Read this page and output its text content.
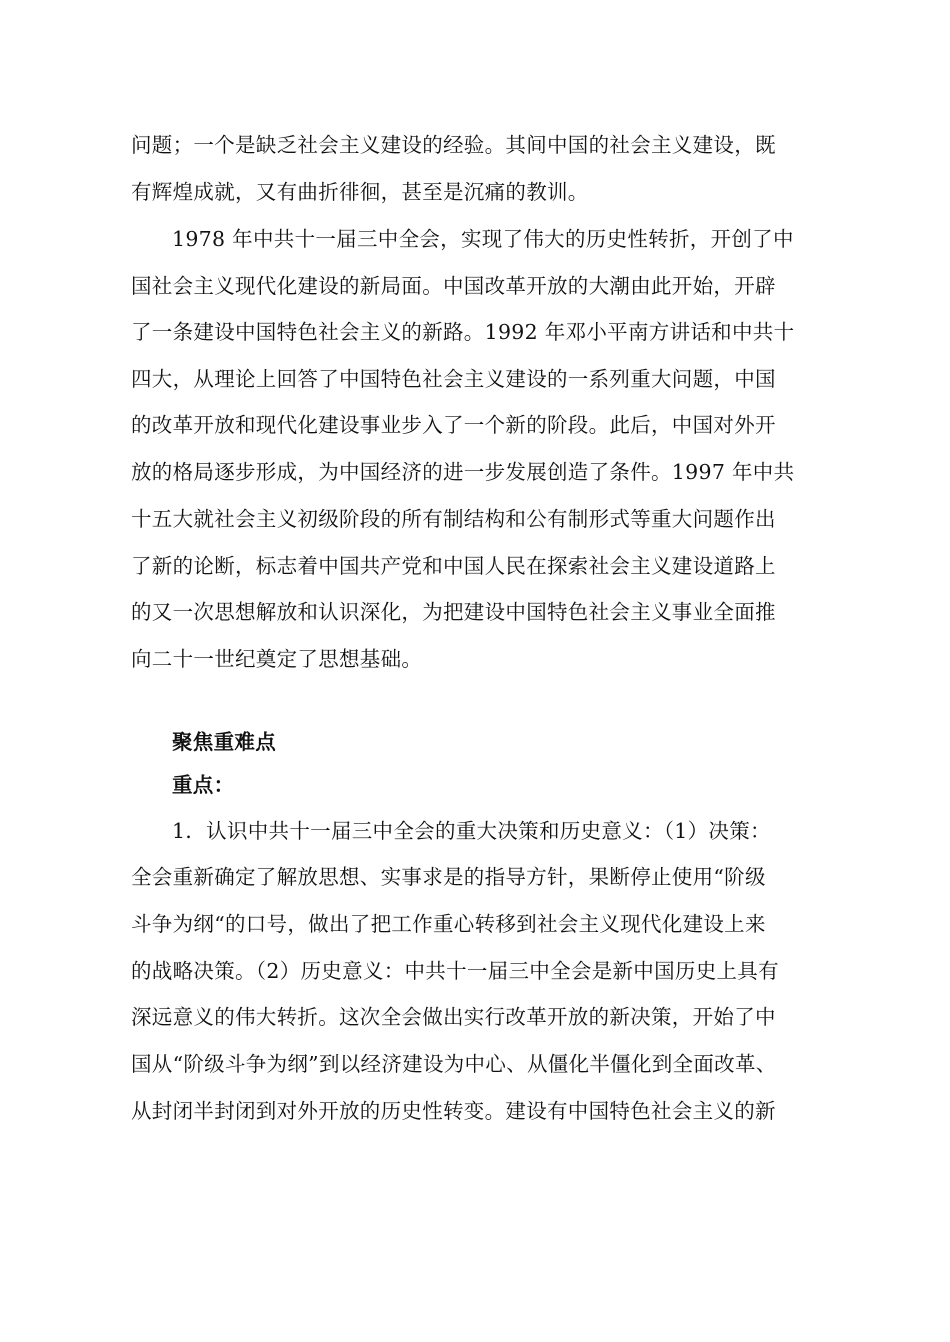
问题；一个是缺乏社会主义建设的经验。其间中国的社会主义建设，既
有辉煌成就，又有曲折徘徊，甚至是沉痛的教训。
1978 年中共十一届三中全会，实现了伟大的历史性转折，开创了中
国社会主义现代化建设的新局面。中国改革开放的大潮由此开始，开辟
了一条建设中国特色社会主义的新路。1992 年邓小平南方讲话和中共十
四大，从理论上回答了中国特色社会主义建设的一系列重大问题，中国
的改革开放和现代化建设事业步入了一个新的阶段。此后，中国对外开
放的格局逐步形成，为中国经济的进一步发展创造了条件。1997 年中共
十五大就社会主义初级阶段的所有制结构和公有制形式等重大问题作出
了新的论断，标志着中国共产党和中国人民在探索社会主义建设道路上
的又一次思想解放和认识深化，为把建设中国特色社会主义事业全面推
向二十一世纪奠定了思想基础。
聚焦重难点
重点：
1．认识中共十一届三中全会的重大决策和历史意义：（1）决策：
全会重新确定了解放思想、实事求是的指导方针，果断停止使用“阶级
斗争为纲“的口号，做出了把工作重心转移到社会主义现代化建设上来
的战略决策。（2）历史意义：中共十一届三中全会是新中国历史上具有
深远意义的伟大转折。这次全会做出实行改革开放的新决策，开始了中
国从“阶级斗争为纲”到以经济建设为中心、从僵化半僵化到全面改革、
从封闭半封闭到对外开放的历史性转变。建设有中国特色社会主义的新
